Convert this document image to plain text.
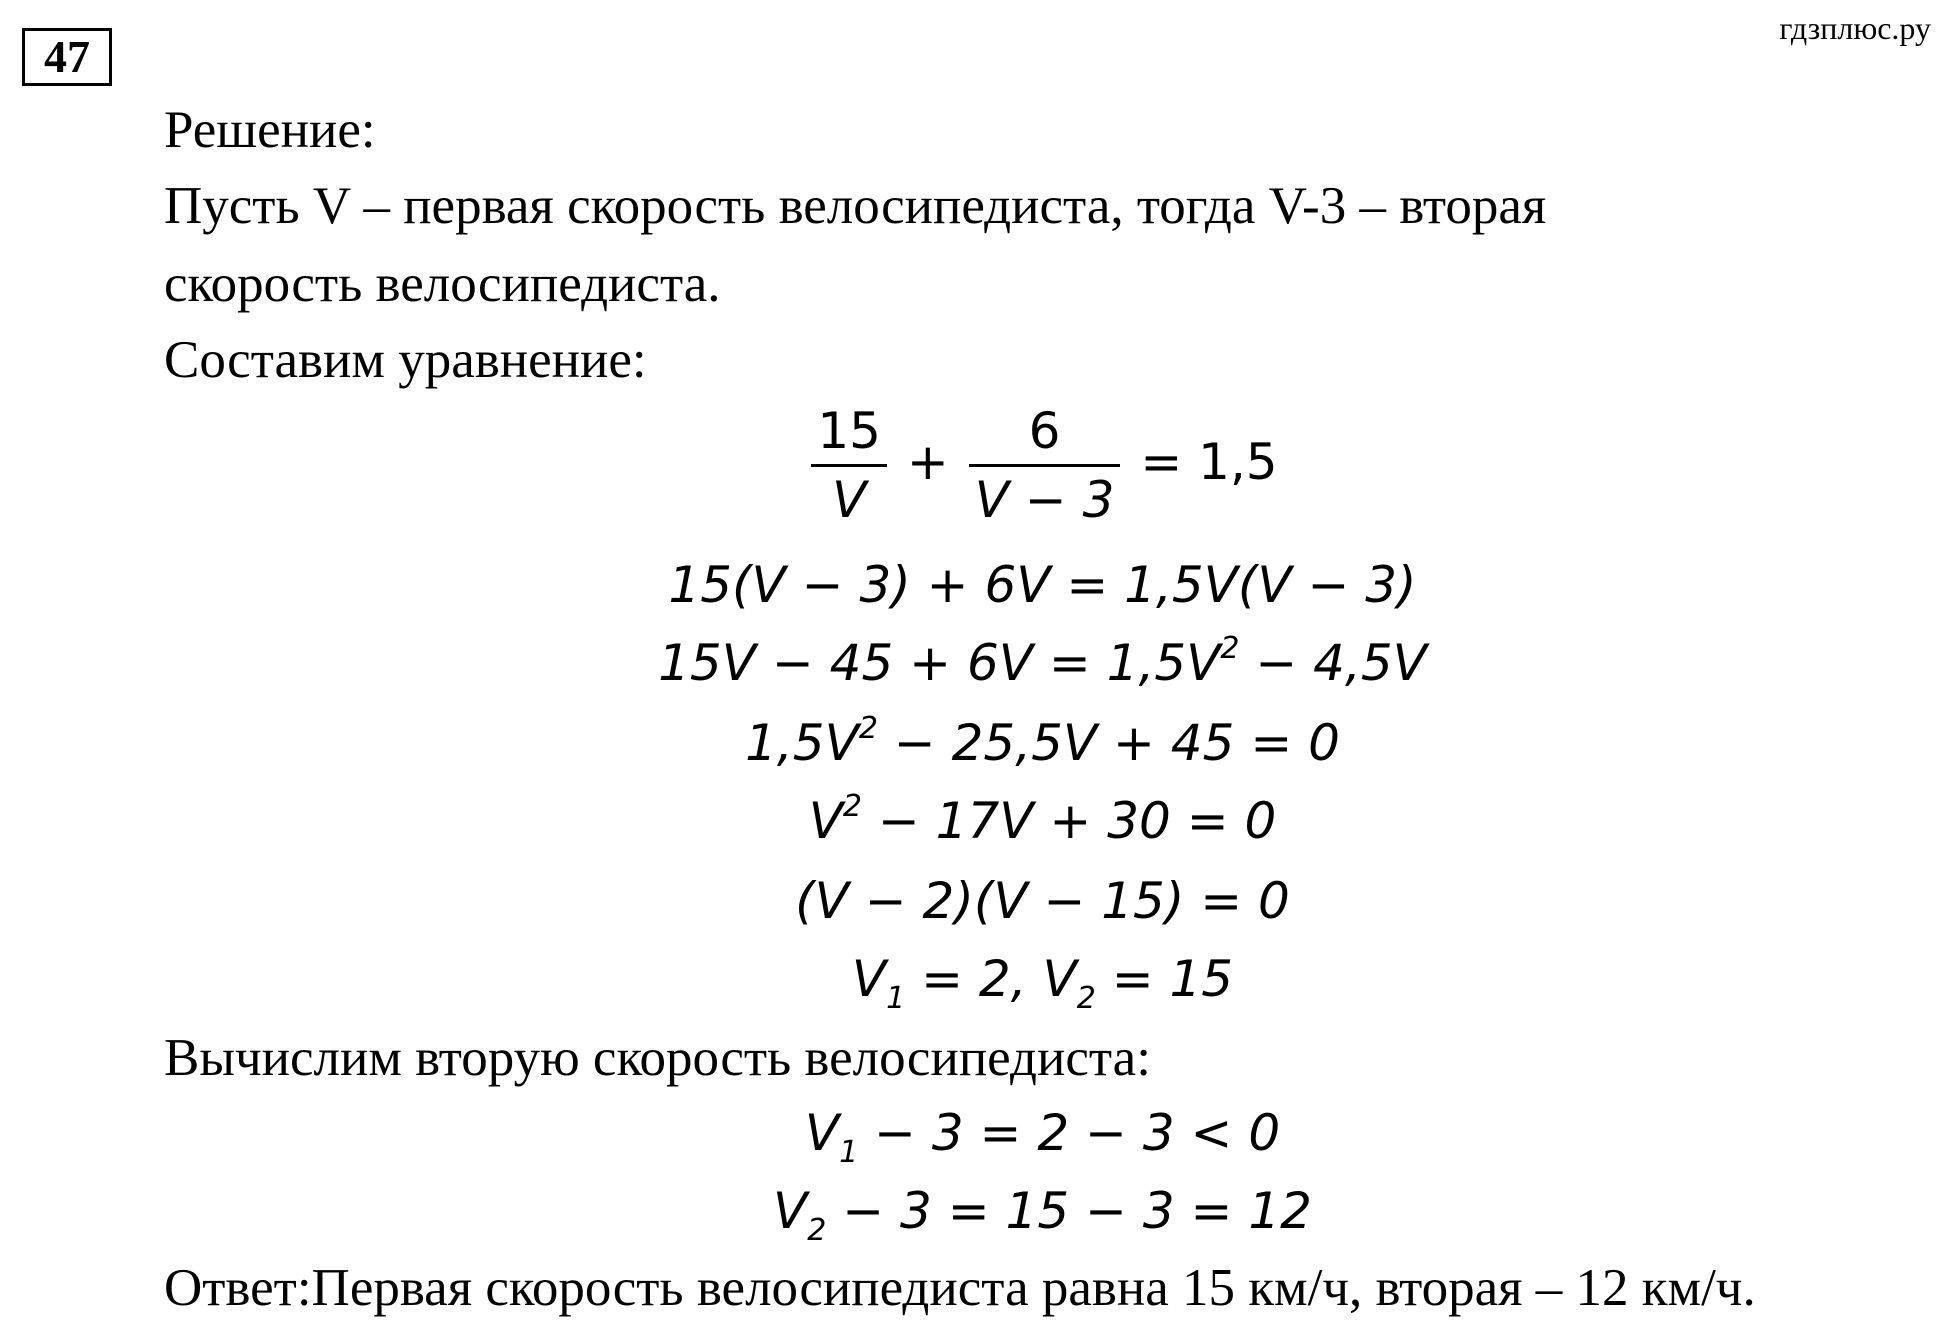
47
гдзплюс.ру
Решение:
Пусть V – первая скорость велосипедиста, тогда V-3 – вторая
скорость велосипедиста.
Составим уравнение:
$\frac{15}{V} + \frac{6}{V - 3} = 1,5$
15(V − 3) + 6V = 1,5V(V − 3)
$15V - 45 + 6V = 1,5V^2 - 4,5V$
$1,5V^2 - 25,5V + 45 = 0$
$V^2 - 17V + 30 = 0$
(V − 2)(V − 15) = 0
$V_1 = 2$, $V_2 = 15$
Вычислим вторую скорость велосипедиста:
$V_1 - 3 = 2 - 3 < 0$
$V_2 - 3 = 15 - 3 = 12$
Ответ:Первая скорость велосипедиста равна 15 км/ч, вторая – 12 км/ч.
